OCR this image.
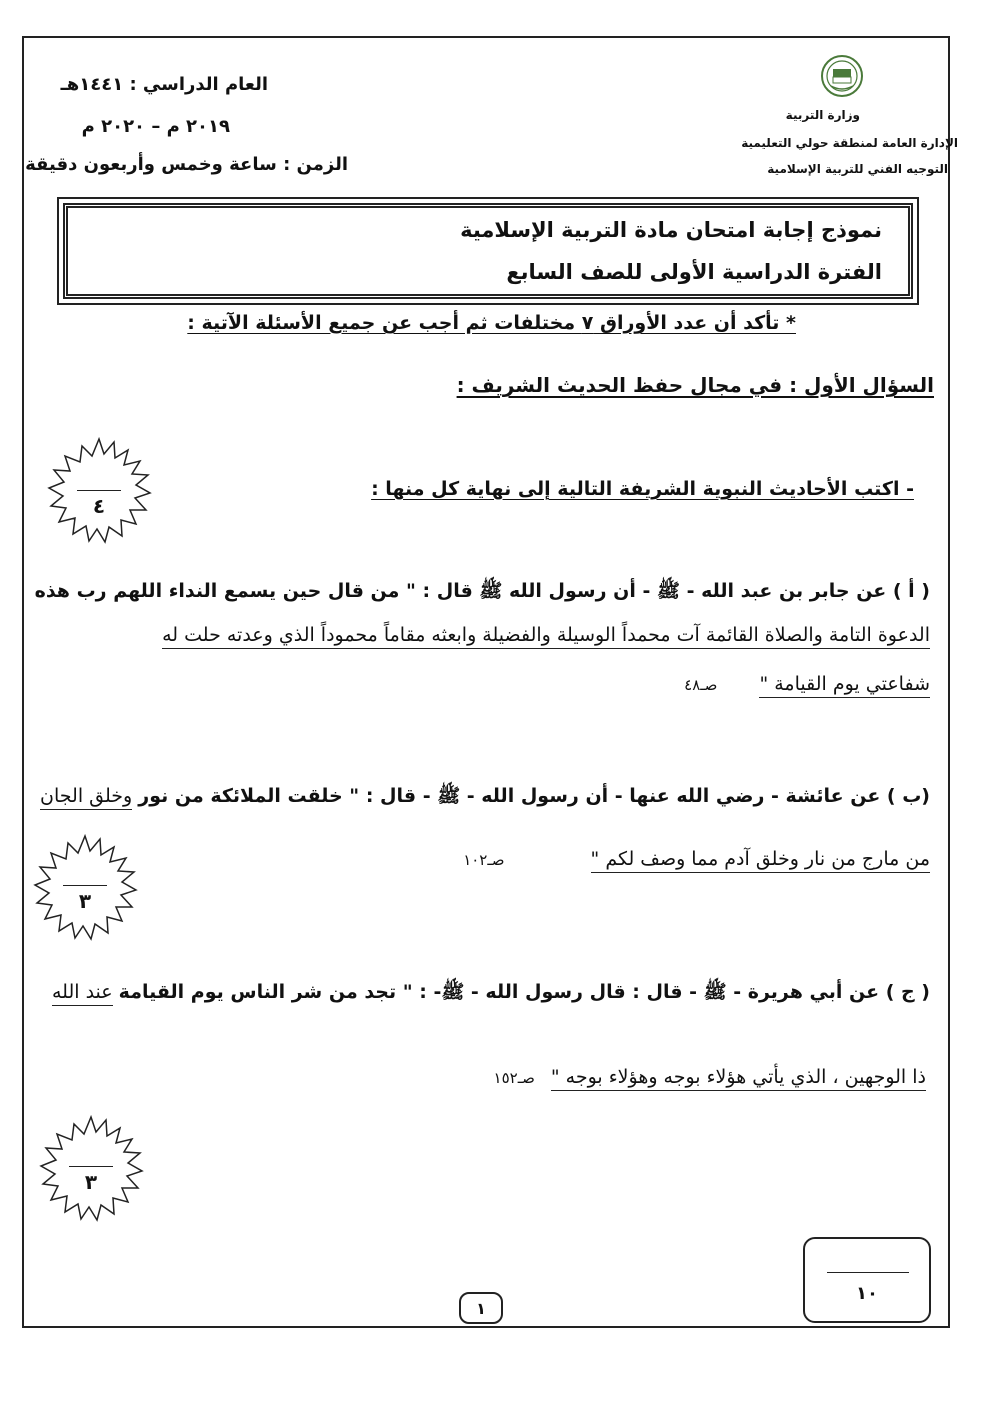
العام الدراسي : ١٤٤١هـ
٢٠١٩ م – ٢٠٢٠ م
الزمن : ساعة وخمس وأربعون دقيقة
وزارة التربية
الإدارة العامة لمنطقة حولي التعليمية
التوجيه الفني للتربية الإسلامية
نموذج إجابة امتحان مادة التربية الإسلامية
الفترة الدراسية الأولى للصف السابع
* تأكد أن عدد الأوراق ٧ مختلفات ثم أجب عن جميع الأسئلة الآتية :
السؤال الأول : في مجال حفظ الحديث الشريف :
- اكتب الأحاديث النبوية الشريفة التالية إلى نهاية كل منها :
٤
( أ ) عن جابر بن عبد الله - ﷺ - أن رسول الله ﷺ قال : " من قال حين يسمع النداء اللهم رب هذه
الدعوة التامة والصلاة القائمة آت محمداً الوسيلة والفضيلة وابعثه مقاماً محموداً الذي وعدته حلت له
شفاعتي يوم القيامة " صـ٤٨
(ب ) عن عائشة - رضي الله عنها - أن رسول الله - ﷺ - قال : " خلقت الملائكة من نور وخلق الجان
من مارج من نار وخلق آدم مما وصف لكم " صـ١٠٢
٣
( ج ) عن أبي هريرة - ﷺ - قال : قال رسول الله - ﷺ- : " تجد من شر الناس يوم القيامة عند الله
ذا الوجهين ، الذي يأتي هؤلاء بوجه وهؤلاء بوجه " صـ١٥٢
٣
١٠
١
